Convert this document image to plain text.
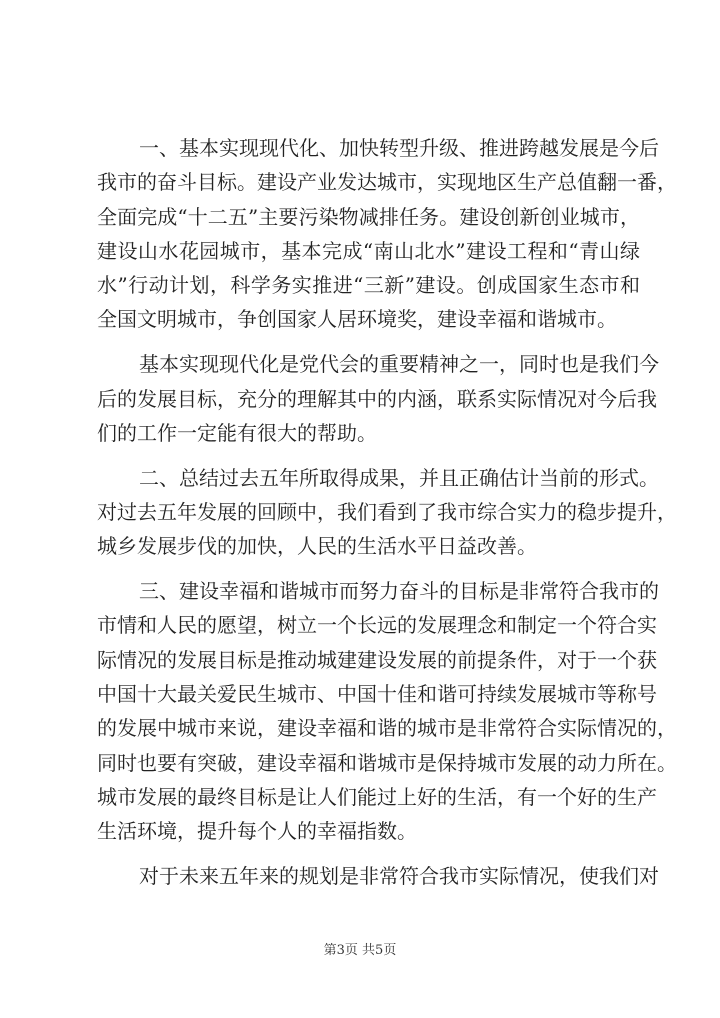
一、基本实现现代化、加快转型升级、推进跨越发展是今后
我市的奋斗目标。建设产业发达城市，实现地区生产总值翻一番，
全面完成“十二五”主要污染物减排任务。建设创新创业城市，
建设山水花园城市，基本完成“南山北水”建设工程和“青山绿
水”行动计划，科学务实推进“三新”建设。创成国家生态市和
全国文明城市，争创国家人居环境奖，建设幸福和谐城市。
基本实现现代化是党代会的重要精神之一，同时也是我们今
后的发展目标，充分的理解其中的内涵，联系实际情况对今后我
们的工作一定能有很大的帮助。
二、总结过去五年所取得成果，并且正确估计当前的形式。
对过去五年发展的回顾中，我们看到了我市综合实力的稳步提升，
城乡发展步伐的加快，人民的生活水平日益改善。
三、建设幸福和谐城市而努力奋斗的目标是非常符合我市的
市情和人民的愿望，树立一个长远的发展理念和制定一个符合实
际情况的发展目标是推动城建建设发展的前提条件，对于一个获
中国十大最关爱民生城市、中国十佳和谐可持续发展城市等称号
的发展中城市来说，建设幸福和谐的城市是非常符合实际情况的，
同时也要有突破，建设幸福和谐城市是保持城市发展的动力所在。
城市发展的最终目标是让人们能过上好的生活，有一个好的生产
生活环境，提升每个人的幸福指数。
对于未来五年来的规划是非常符合我市实际情况，使我们对
第3页 共5页
